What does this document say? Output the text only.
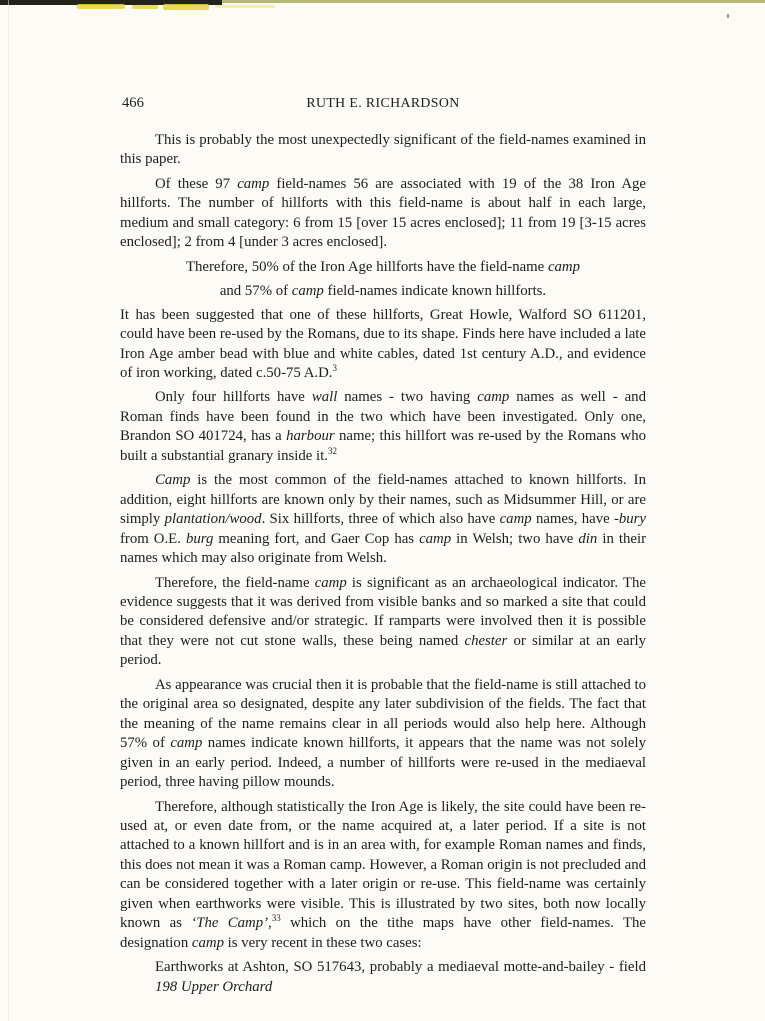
466	RUTH E. RICHARDSON

This is probably the most unexpectedly significant of the field-names examined in this paper.

Of these 97 camp field-names 56 are associated with 19 of the 38 Iron Age hillforts. The number of hillforts with this field-name is about half in each large, medium and small category: 6 from 15 [over 15 acres enclosed]; 11 from 19 [3-15 acres enclosed]; 2 from 4 [under 3 acres enclosed].

Therefore, 50% of the Iron Age hillforts have the field-name camp

and 57% of camp field-names indicate known hillforts.

It has been suggested that one of these hillforts, Great Howle, Walford SO 611201, could have been re-used by the Romans, due to its shape. Finds here have included a late Iron Age amber bead with blue and white cables, dated 1st century A.D., and evidence of iron working, dated c.50-75 A.D.$^3$

Only four hillforts have wall names - two having camp names as well - and Roman finds have been found in the two which have been investigated. Only one, Brandon SO 401724, has a harbour name; this hillfort was re-used by the Romans who built a substantial granary inside it.$^{32}$

Camp is the most common of the field-names attached to known hillforts. In addition, eight hillforts are known only by their names, such as Midsummer Hill, or are simply plantation/wood. Six hillforts, three of which also have camp names, have -bury from O.E. burg meaning fort, and Gaer Cop has camp in Welsh; two have din in their names which may also originate from Welsh.

Therefore, the field-name camp is significant as an archaeological indicator. The evidence suggests that it was derived from visible banks and so marked a site that could be considered defensive and/or strategic. If ramparts were involved then it is possible that they were not cut stone walls, these being named chester or similar at an early period.

As appearance was crucial then it is probable that the field-name is still attached to the original area so designated, despite any later subdivision of the fields. The fact that the meaning of the name remains clear in all periods would also help here. Although 57% of camp names indicate known hillforts, it appears that the name was not solely given in an early period. Indeed, a number of hillforts were re-used in the mediaeval period, three having pillow mounds.

Therefore, although statistically the Iron Age is likely, the site could have been re-used at, or even date from, or the name acquired at, a later period. If a site is not attached to a known hillfort and is in an area with, for example Roman names and finds, this does not mean it was a Roman camp. However, a Roman origin is not precluded and can be considered together with a later origin or re-use. This field-name was certainly given when earthworks were visible. This is illustrated by two sites, both now locally known as ‘The Camp’,$^{33}$ which on the tithe maps have other field-names. The designation camp is very recent in these two cases:

Earthworks at Ashton, SO 517643, probably a mediaeval motte-and-bailey - field 198 Upper Orchard
